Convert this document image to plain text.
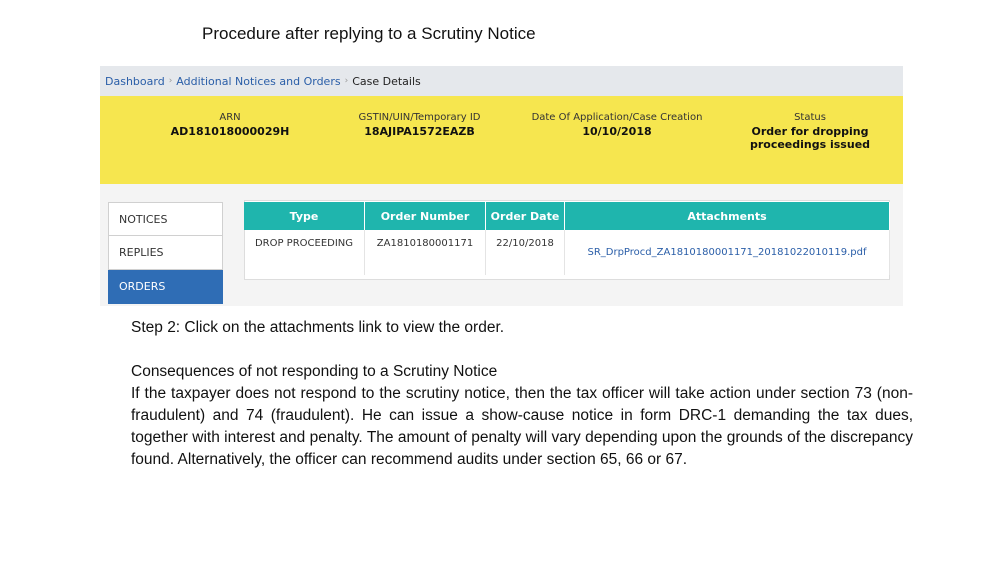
Procedure after replying to a Scrutiny Notice
Dashboard › Additional Notices and Orders › Case Details
ARN
AD181018000029H
GSTIN/UIN/Temporary ID
18AJIPA1572EAZB
Date Of Application/Case Creation
10/10/2018
Status
Order for dropping proceedings issued
NOTICES
REPLIES
ORDERS
Type	Order Number	Order Date	Attachments
DROP PROCEEDING	ZA1810180001171	22/10/2018	SR_DrpProcd_ZA1810180001171_20181022010119.pdf
Step 2: Click on the attachments link to view the order.
Consequences of not responding to a Scrutiny Notice
If the taxpayer does not respond to the scrutiny notice, then the tax officer will take action under section 73 (non-fraudulent) and 74 (fraudulent). He can issue a show-cause notice in form DRC-1 demanding the tax dues, together with interest and penalty. The amount of penalty will vary depending upon the grounds of the discrepancy found. Alternatively, the officer can recommend audits under section 65, 66 or 67.
